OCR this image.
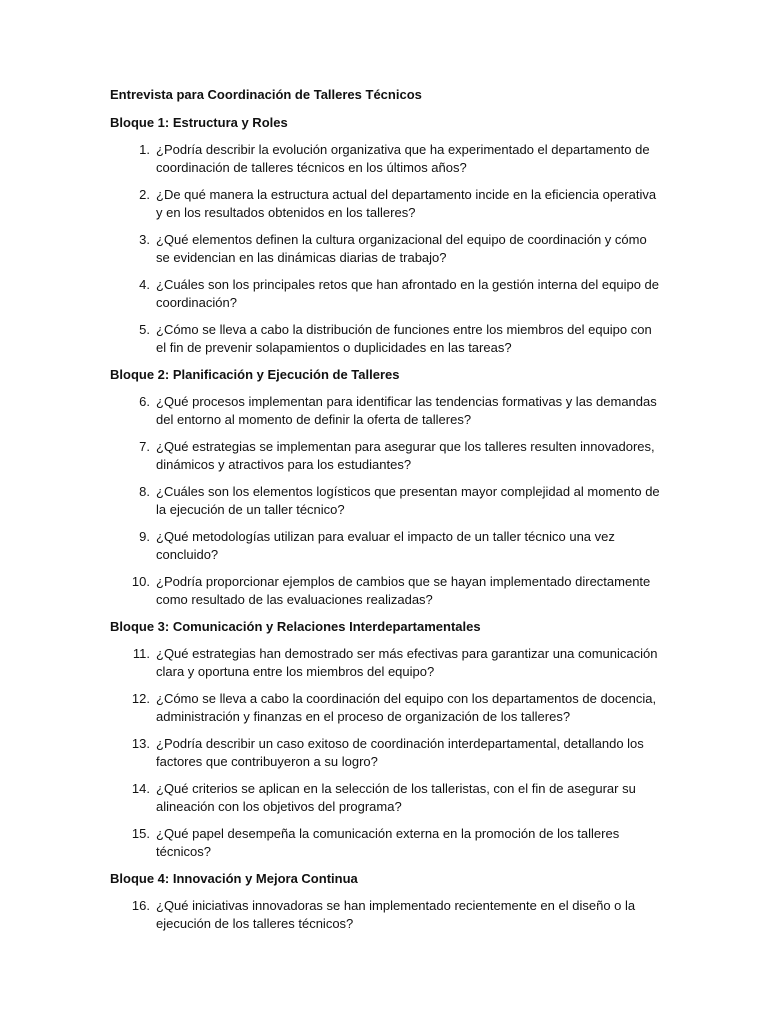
Entrevista para Coordinación de Talleres Técnicos
Bloque 1: Estructura y Roles
1. ¿Podría describir la evolución organizativa que ha experimentado el departamento de coordinación de talleres técnicos en los últimos años?
2. ¿De qué manera la estructura actual del departamento incide en la eficiencia operativa y en los resultados obtenidos en los talleres?
3. ¿Qué elementos definen la cultura organizacional del equipo de coordinación y cómo se evidencian en las dinámicas diarias de trabajo?
4. ¿Cuáles son los principales retos que han afrontado en la gestión interna del equipo de coordinación?
5. ¿Cómo se lleva a cabo la distribución de funciones entre los miembros del equipo con el fin de prevenir solapamientos o duplicidades en las tareas?
Bloque 2: Planificación y Ejecución de Talleres
6. ¿Qué procesos implementan para identificar las tendencias formativas y las demandas del entorno al momento de definir la oferta de talleres?
7. ¿Qué estrategias se implementan para asegurar que los talleres resulten innovadores, dinámicos y atractivos para los estudiantes?
8. ¿Cuáles son los elementos logísticos que presentan mayor complejidad al momento de la ejecución de un taller técnico?
9. ¿Qué metodologías utilizan para evaluar el impacto de un taller técnico una vez concluido?
10. ¿Podría proporcionar ejemplos de cambios que se hayan implementado directamente como resultado de las evaluaciones realizadas?
Bloque 3: Comunicación y Relaciones Interdepartamentales
11. ¿Qué estrategias han demostrado ser más efectivas para garantizar una comunicación clara y oportuna entre los miembros del equipo?
12. ¿Cómo se lleva a cabo la coordinación del equipo con los departamentos de docencia, administración y finanzas en el proceso de organización de los talleres?
13. ¿Podría describir un caso exitoso de coordinación interdepartamental, detallando los factores que contribuyeron a su logro?
14. ¿Qué criterios se aplican en la selección de los talleristas, con el fin de asegurar su alineación con los objetivos del programa?
15. ¿Qué papel desempeña la comunicación externa en la promoción de los talleres técnicos?
Bloque 4: Innovación y Mejora Continua
16. ¿Qué iniciativas innovadoras se han implementado recientemente en el diseño o la ejecución de los talleres técnicos?
